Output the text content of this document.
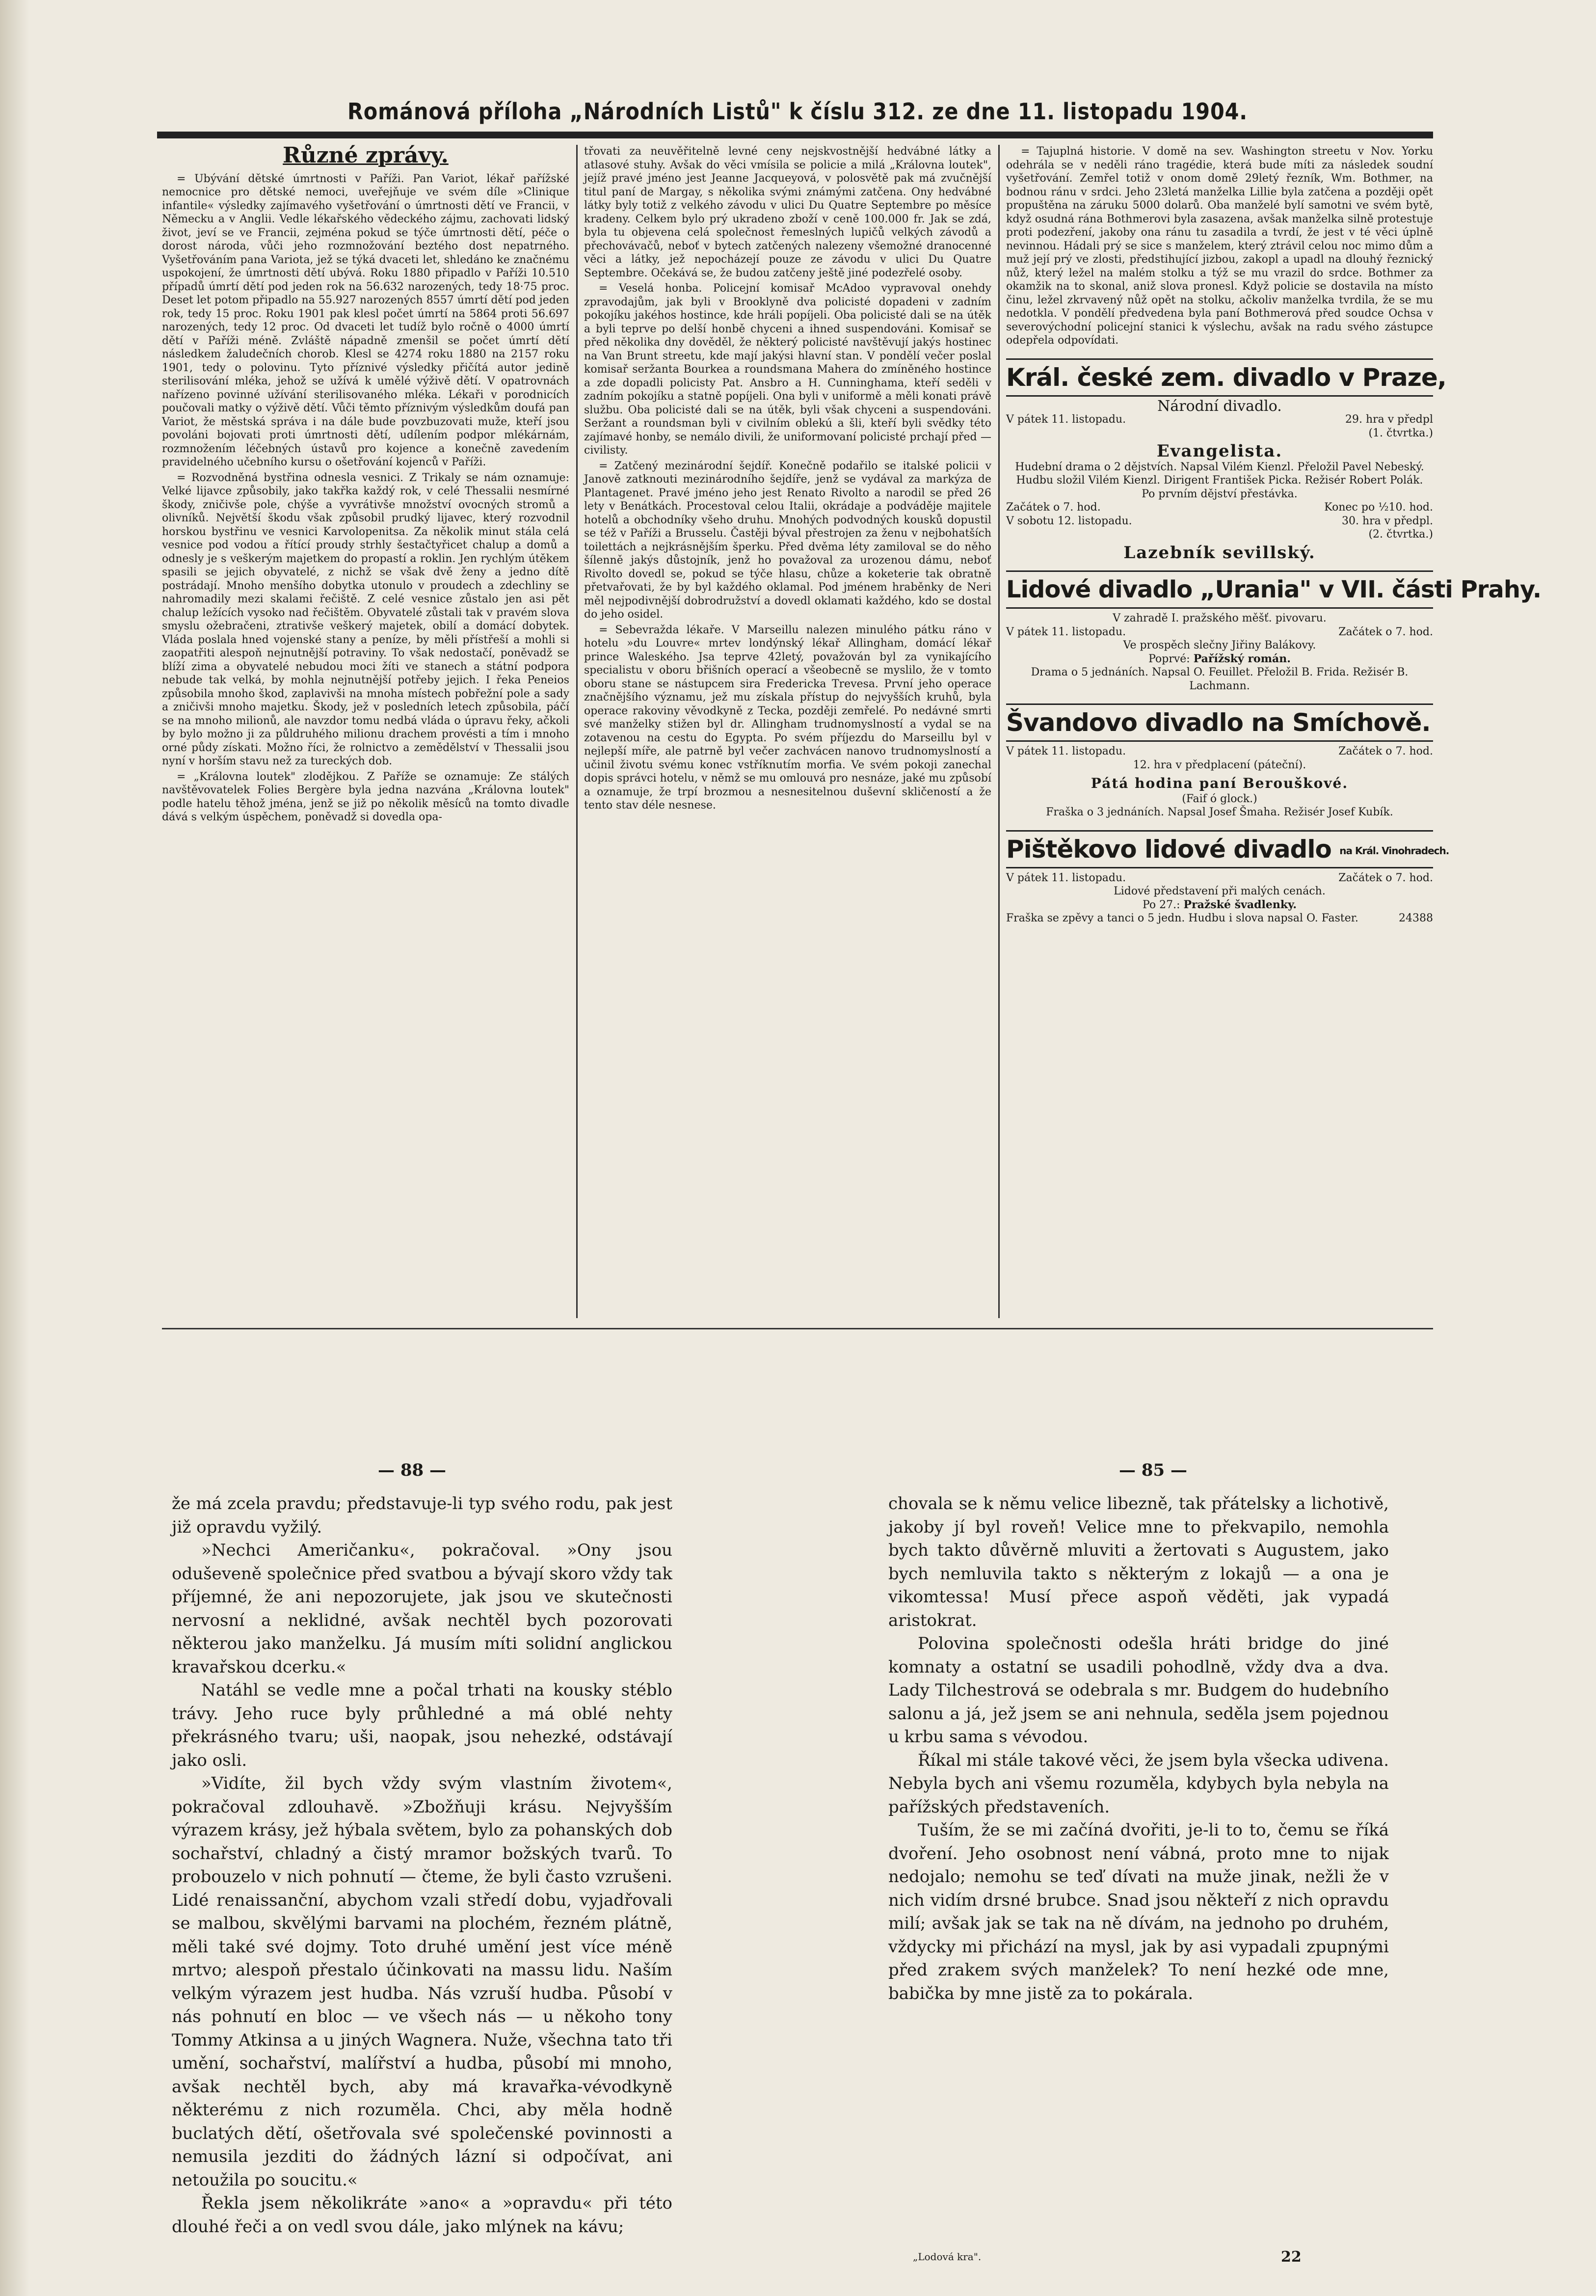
Románová příloha „Národních Listů" k číslu 312. ze dne 11. listopadu 1904.
Různé zprávy.

= Ubývání dětské úmrtnosti v Paříži. Pan Variot, lékař pařížské nemocnice pro dětské nemoci, uveřejňuje ve svém díle »Clinique infantile« výsledky zajímavého vyšetřování o úmrtnosti dětí ve Francii, v Německu a v Anglii. Vedle lékařského vědeckého zájmu, zachovati lidský život, jeví se ve Francii, zejména pokud se týče úmrtnosti dětí, péče o dorost národa, vůči jeho rozmnožování beztého dost nepatrného. Vyšetřováním pana Variota, jež se týká dvaceti let, shledáno ke značnému uspokojení, že úmrtnosti dětí ubývá. Roku 1880 připadlo v Paříži 10.510 případů úmrtí dětí pod jeden rok na 56.632 narozených, tedy 18·75 proc. Deset let potom připadlo na 55.927 narozených 8557 úmrtí dětí pod jeden rok, tedy 15 proc. Roku 1901 pak klesl počet úmrtí na 5864 proti 56.697 narozených, tedy 12 proc. Od dvaceti let tudíž bylo ročně o 4000 úmrtí dětí v Paříži méně. Zvláště nápadně zmenšil se počet úmrtí dětí následkem žaludečních chorob. Klesl se 4274 roku 1880 na 2157 roku 1901, tedy o polovinu. Tyto příznivé výsledky přičítá autor jedině sterilisování mléka, jehož se užívá k umělé výživě dětí. V opatrovnách nařízeno povinné užívání sterilisovaného mléka. Lékaři v porodnicích poučovali matky o výživě dětí. Vůči těmto příznivým výsledkům doufá pan Variot, že městská správa i na dále bude povzbuzovati muže, kteří jsou povoláni bojovati proti úmrtnosti dětí, udílením podpor mlékárnám, rozmnožením léčebných ústavů pro kojence a konečně zavedením pravidelného učebního kursu o ošetřování kojenců v Paříži.

= Rozvodněná bystřina odnesla vesnici. Z Trikaly se nám oznamuje: Velké lijavce způsobily, jako takřka každý rok, v celé Thessalii nesmírné škody, zničivše pole, chýše a vyvrátivše množství ovocných stromů a olivníků. Největší škodu však způsobil prudký lijavec, který rozvodnil horskou bystřinu ve vesnici Karvolopenitsa. Za několik minut stála celá vesnice pod vodou a řítící proudy strhly šestačtyřicet chalup a domů a odnesly je s veškerým majetkem do propastí a roklin. Jen rychlým útěkem spasili se jejich obyvatelé, z nichž se však dvě ženy a jedno dítě postrádají. Mnoho menšího dobytka utonulo v proudech a zdechliny se nahromadily mezi skalami řečiště. Z celé vesnice zůstalo jen asi pět chalup ležících vysoko nad řečištěm. Obyvatelé zůstali tak v pravém slova smyslu ožebračeni, ztrativše veškerý majetek, obilí a domácí dobytek. Vláda poslala hned vojenské stany a peníze, by měli přístřeší a mohli si zaopatřiti alespoň nejnutnější potraviny. To však nedostačí, poněvadž se blíží zima a obyvatelé nebudou moci žíti ve stanech a státní podpora nebude tak velká, by mohla nejnutnější potřeby jejich. I řeka Peneios způsobila mnoho škod, zaplavivši na mnoha místech pobřežní pole a sady a zničivši mnoho majetku. Škody, jež v posledních letech způsobila, páčí se na mnoho milionů, ale navzdor tomu nedbá vláda o úpravu řeky, ačkoli by bylo možno ji za půldruhého milionu drachem provésti a tím i mnoho orné půdy získati. Možno říci, že rolnictvo a zemědělství v Thessalii jsou nyní v horším stavu než za tureckých dob.

= „Královna loutek" zlodějkou. Z Paříže se oznamuje: Ze stálých navštěvovatelek Folies Bergère byla jedna nazvána „Královna loutek" podle hatelu těhož jména, jenž se již po několik měsíců na tomto divadle dává s velkým úspěchem, poněvadž si dovedla opa-

třovati za neuvěřitelně levné ceny nejskvostnější hedvábné látky a atlasové stuhy. Avšak do věci vmísila se policie a milá „Královna loutek", jejíž pravé jméno jest Jeanne Jacqueyová, v polosvětě pak má zvučnější titul paní de Margay, s několika svými známými zatčena. Ony hedvábné látky byly totiž z velkého závodu v ulici Du Quatre Septembre po měsíce kradeny. Celkem bylo prý ukradeno zboží v ceně 100.000 fr. Jak se zdá, byla tu objevena celá společnost řemeslných lupičů velkých závodů a přechovávačů, neboť v bytech zatčených nalezeny všemožné dranocenné věci a látky, jež nepocházejí pouze ze závodu v ulici Du Quatre Septembre. Očekává se, že budou zatčeny ještě jiné podezřelé osoby.

= Veselá honba. Policejní komisař McAdoo vypravoval onehdy zpravodajům, jak byli v Brooklyně dva policisté dopadeni v zadním pokojíku jakéhos hostince, kde hráli popíjeli. Oba policisté dali se na útěk a byli teprve po delší honbě chyceni a ihned suspendováni. Komisař se před několika dny dověděl, že některý policisté navštěvují jakýs hostinec na Van Brunt streetu, kde mají jakýsi hlavní stan. V pondělí večer poslal komisař seržanta Bourkea a roundsmana Mahera do zmíněného hostince a zde dopadli policisty Pat. Ansbro a H. Cunninghama, kteří seděli v zadním pokojíku a statně popíjeli. Ona byli v uniformě a měli konati právě službu. Oba policisté dali se na útěk, byli však chyceni a suspendováni. Seržant a roundsman byli v civilním oblekú a šli, kteří byli svědky této zajímavé honby, se nemálo divili, že uniformovaní policisté prchají před — civilisty.

= Zatčený mezinárodní šejdíř. Konečně podařilo se italské policii v Janově zatknouti mezinárodního šejdíře, jenž se vydával za markýza de Plantagenet. Pravé jméno jeho jest Renato Rivolto a narodil se před 26 lety v Benátkách. Procestoval celou Italii, okrádaje a podváděje majitele hotelů a obchodníky všeho druhu. Mnohých podvodných kousků dopustil se též v Paříži a Brusselu. Častěji býval přestrojen za ženu v nejbohatších toilettách a nejkrásnějším šperku. Před dvěma léty zamiloval se do něho šílenně jakýs důstojník, jenž ho považoval za urozenou dámu, neboť Rivolto dovedl se, pokud se týče hlasu, chůze a koketerie tak obratně přetvařovati, že by byl každého oklamal. Pod jménem hraběnky de Neri měl nejpodivnější dobrodružství a dovedl oklamati každého, kdo se dostal do jeho osidel.

= Sebevražda lékaře. V Marseillu nalezen minulého pátku ráno v hotelu »du Louvre« mrtev londýnský lékař Allingham, domácí lékař prince Waleského. Jsa teprve 42letý, považován byl za vynikajícího specialistu v oboru břišních operací a všeobecně se myslilo, že v tomto oboru stane se nástupcem sira Fredericka Trevesa. První jeho operace značnějšího významu, jež mu získala přístup do nejvyšších kruhů, byla operace rakoviny věvodkyně z Tecka, později zemřelé. Po nedávné smrti své manželky stižen byl dr. Allingham trudnomyslností a vydal se na zotavenou na cestu do Egypta. Po svém příjezdu do Marseillu byl v nejlepší míře, ale patrně byl večer zachvácen nanovo trudnomyslností a učinil životu svému konec vstříknutím morfia. Ve svém pokoji zanechal dopis správci hotelu, v němž se mu omlouvá pro nesnáze, jaké mu způsobí a oznamuje, že trpí brozmou a nesnesitelnou duševní skličeností a že tento stav déle nesnese.

= Tajuplná historie. V domě na sev. Washington streetu v Nov. Yorku odehrála se v neděli ráno tragédie, která bude míti za následek soudní vyšetřování. Zemřel totiž v onom domě 29letý řezník, Wm. Bothmer, na bodnou ránu v srdci. Jeho 23letá manželka Lillie byla zatčena a později opět propuštěna na záruku 5000 dolarů. Oba manželé bylí samotni ve svém bytě, když osudná rána Bothmerovi byla zasazena, avšak manželka silně protestuje proti podezření, jakoby ona ránu tu zasadila a tvrdí, že jest v té věci úplně nevinnou. Hádali prý se sice s manželem, který ztrávil celou noc mimo dům a muž její prý ve zlosti, předstihující jizbou, zakopl a upadl na dlouhý řeznický nůž, který ležel na malém stolku a týž se mu vrazil do srdce. Bothmer za okamžik na to skonal, aniž slova pronesl. Když policie se dostavila na místo činu, ležel zkrvavený nůž opět na stolku, ačkoliv manželka tvrdila, že se mu nedotkla. V pondělí předvedena byla paní Bothmerová před soudce Ochsa v severovýchodní policejní stanici k výslechu, avšak na radu svého zástupce odepřela odpovídati.

Král. české zem. divadlo v Praze,
Národní divadlo.
V pátek 11. listopadu.	29. hra v předpl
(1. čtvrtka.)
Evangelista.
Hudební drama o 2 dějstvích. Napsal Vilém Kienzl. Přeložil Pavel Nebeský. Hudbu složil Vilém Kienzl. Dirigent František Picka. Režisér Robert Polák.
Po prvním dějství přestávka.
Začátek o 7. hod.	Konec po ½10. hod.
V sobotu 12. listopadu.	30. hra v předpl.
(2. čtvrtka.)
Lazebník sevillský.
Lidové divadlo „Urania" v VII. části Prahy.
V zahradě I. pražského měšť. pivovaru.
V pátek 11. listopadu.	Začátek o 7. hod.
Ve prospěch slečny Jiřiny Balákovy.
Poprvé: Pařížský román.
Drama o 5 jednáních. Napsal O. Feuillet. Přeložil B. Frida. Režisér B. Lachmann.
Švandovo divadlo na Smíchově.
V pátek 11. listopadu.	Začátek o 7. hod.
12. hra v předplacení (páteční).
Pátá hodina paní Berouškové.
(Faif ó glock.)
Fraška o 3 jednáních. Napsal Josef Šmaha. Režisér Josef Kubík.
Pištěkovo lidové divadlo na Král. Vinohradech.
V pátek 11. listopadu.	Začátek o 7. hod.
Lidové představení při malých cenách.
Po 27.: Pražské švadlenky.
Fraška se zpěvy a tanci o 5 jedn. Hudbu i slova napsal O. Faster.	24388
— 88 —	— 85 —

že má zcela pravdu; představuje-li typ svého rodu, pak jest již opravdu vyžilý.

»Nechci Američanku«, pokračoval. »Ony jsou oduševeně společnice před svatbou a bývají skoro vždy tak příjemné, že ani nepozorujete, jak jsou ve skutečnosti nervosní a neklidné, avšak nechtěl bych pozorovati některou jako manželku. Já musím míti solidní anglickou kravařskou dcerku.«

Natáhl se vedle mne a počal trhati na kousky stéblo trávy. Jeho ruce byly průhledné a má oblé nehty překrásného tvaru; uši, naopak, jsou nehezké, odstávají jako osli.

»Vidíte, žil bych vždy svým vlastním životem«, pokračoval zdlouhavě. »Zbožňuji krásu. Nejvyšším výrazem krásy, jež hýbala světem, bylo za pohanských dob sochařství, chladný a čistý mramor božských tvarů. To probouzelo v nich pohnutí — čteme, že byli často vzrušeni. Lidé renaissanční, abychom vzali středí dobu, vyjadřovali se malbou, skvělými barvami na plochém, řezném plátně, měli také své dojmy. Toto druhé umění jest více méně mrtvo; alespoň přestalo účinkovati na massu lidu. Naším velkým výrazem jest hudba. Nás vzruší hudba. Působí v nás pohnutí en bloc — ve všech nás — u někoho tony Tommy Atkinsa a u jiných Wagnera. Nuže, všechna tato tři umění, sochařství, malířství a hudba, působí mi mnoho, avšak nechtěl bych, aby má kravařka-vévodkyně některému z nich rozuměla. Chci, aby měla hodně buclatých dětí, ošetřovala své společenské povinnosti a nemusila jezditi do žádných lázní si odpočívat, ani netoužila po soucitu.«

Řekla jsem několikráte »ano« a »opravdu« při této dlouhé řeči a on vedl svou dále, jako mlýnek na kávu;

chovala se k němu velice libezně, tak přátelsky a lichotivě, jakoby jí byl roveň! Velice mne to překvapilo, nemohla bych takto důvěrně mluviti a žertovati s Augustem, jako bych nemluvila takto s některým z lokajů — a ona je vikomtessa! Musí přece aspoň věděti, jak vypadá aristokrat.

Polovina společnosti odešla hráti bridge do jiné komnaty a ostatní se usadili pohodlně, vždy dva a dva. Lady Tilchestrová se odebrala s mr. Budgem do hudebního salonu a já, jež jsem se ani nehnula, seděla jsem pojednou u krbu sama s vévodou.

Říkal mi stále takové věci, že jsem byla všecka udivena. Nebyla bych ani všemu rozuměla, kdybych byla nebyla na pařížských představeních.

Tuším, že se mi začíná dvořiti, je-li to to, čemu se říká dvoření. Jeho osobnost není vábná, proto mne to nijak nedojalo; nemohu se teď dívati na muže jinak, nežli že v nich vidím drsné brubce. Snad jsou někteří z nich opravdu milí; avšak jak se tak na ně dívám, na jednoho po druhém, vždycky mi přichází na mysl, jak by asi vypadali zpupnými před zrakem svých manželek? To není hezké ode mne, babička by mne jistě za to pokárala.

„Lodová kra".	22
